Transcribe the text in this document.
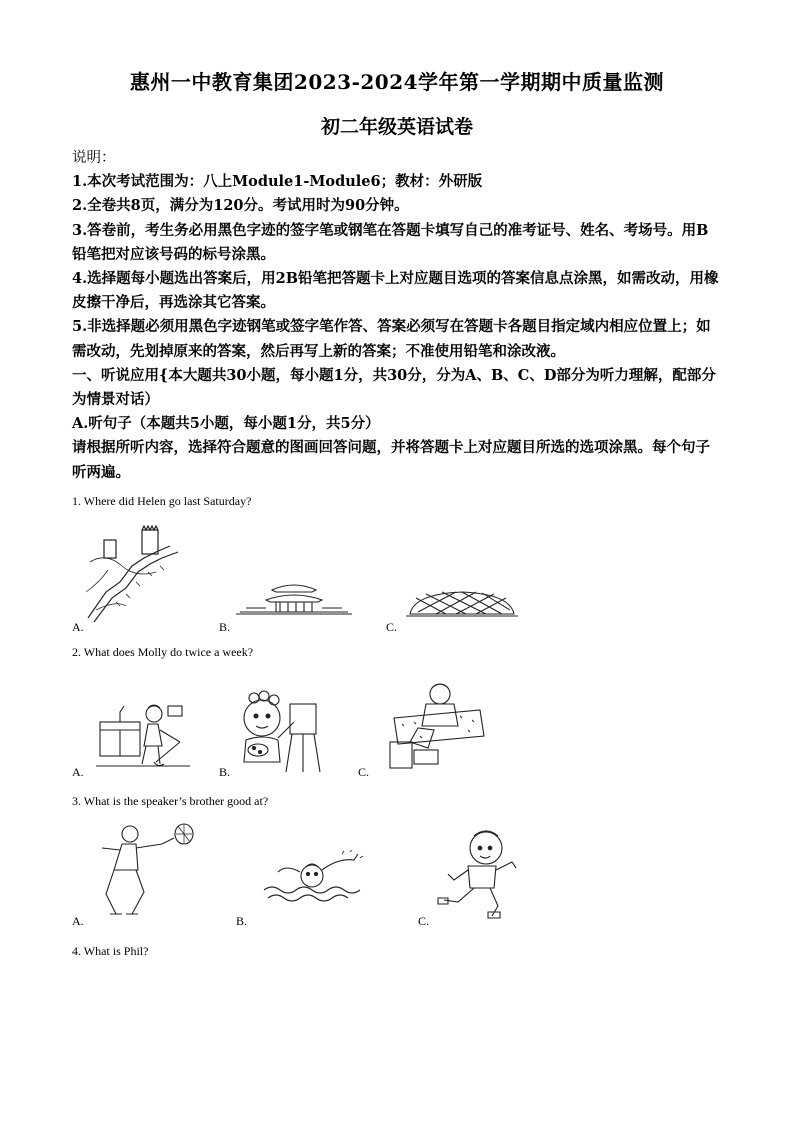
惠州一中教育集团2023-2024学年第一学期期中质量监测
初二年级英语试卷

说明：

1.本次考试范围为：八上Module1-Module6；教材：外研版

2.全卷共8页，满分为120分。考试用时为90分钟。

3.答卷前，考生务必用黑色字迹的签字笔或钢笔在答题卡填写自己的准考证号、姓名、考场号。用B铅笔把对应该号码的标号涂黑。

4.选择题每小题选出答案后，用2B铅笔把答题卡上对应题目选项的答案信息点涂黑，如需改动，用橡皮擦干净后，再选涂其它答案。

5.非选择题必须用黑色字迹钢笔或签字笔作答、答案必须写在答题卡各题目指定域内相应位置上；如需改动，先划掉原来的答案，然后再写上新的答案；不准使用铅笔和涂改液。

一、听说应用{本大题共30小题，每小题1分，共30分，分为A、B、C、D部分为听力理解，配部分为情景对话）

A.听句子（本题共5小题，每小题1分，共5分）

请根据所听内容，选择符合题意的图画回答问题，并将答题卡上对应题目所选的选项涂黑。每个句子听两遍。

1. Where did Helen go last Saturday?
A.	B.	C.
2. What does Molly do twice a week?
A.	B.	C.
3. What is the speaker’s brother good at?
A.	B.	C.
4. What is Phil?
